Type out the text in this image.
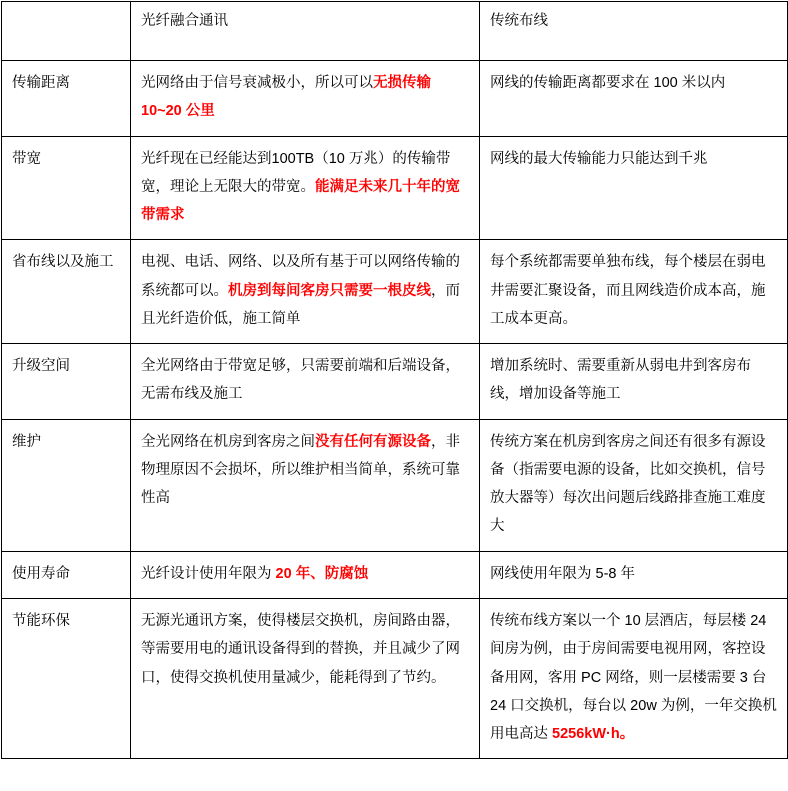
	光纤融合通讯	传统布线
传输距离	光网络由于信号衰减极小，所以可以无损传输 10~20 公里	网线的传输距离都要求在 100 米以内
带宽	光纤现在已经能达到100TB（10 万兆）的传输带宽，理论上无限大的带宽。能满足未来几十年的宽带需求	网线的最大传输能力只能达到千兆
省布线以及施工	电视、电话、网络、以及所有基于可以网络传输的系统都可以。机房到每间客房只需要一根皮线，而且光纤造价低，施工简单	每个系统都需要单独布线，每个楼层在弱电井需要汇聚设备，而且网线造价成本高，施工成本更高。
升级空间	全光网络由于带宽足够，只需要前端和后端设备，无需布线及施工	增加系统时、需要重新从弱电井到客房布线，增加设备等施工
维护	全光网络在机房到客房之间没有任何有源设备，非物理原因不会损坏，所以维护相当简单，系统可靠性高	传统方案在机房到客房之间还有很多有源设备（指需要电源的设备，比如交换机，信号放大器等）每次出问题后线路排查施工难度大
使用寿命	光纤设计使用年限为 20 年、防腐蚀	网线使用年限为 5-8 年
节能环保	无源光通讯方案，使得楼层交换机，房间路由器，等需要用电的通讯设备得到的替换，并且减少了网口，使得交换机使用量减少，能耗得到了节约。	传统布线方案以一个 10 层酒店，每层楼 24 间房为例，由于房间需要电视用网，客控设备用网，客用 PC 网络，则一层楼需要 3 台 24 口交换机，每台以 20w 为例，一年交换机用电高达 5256kW·h。
